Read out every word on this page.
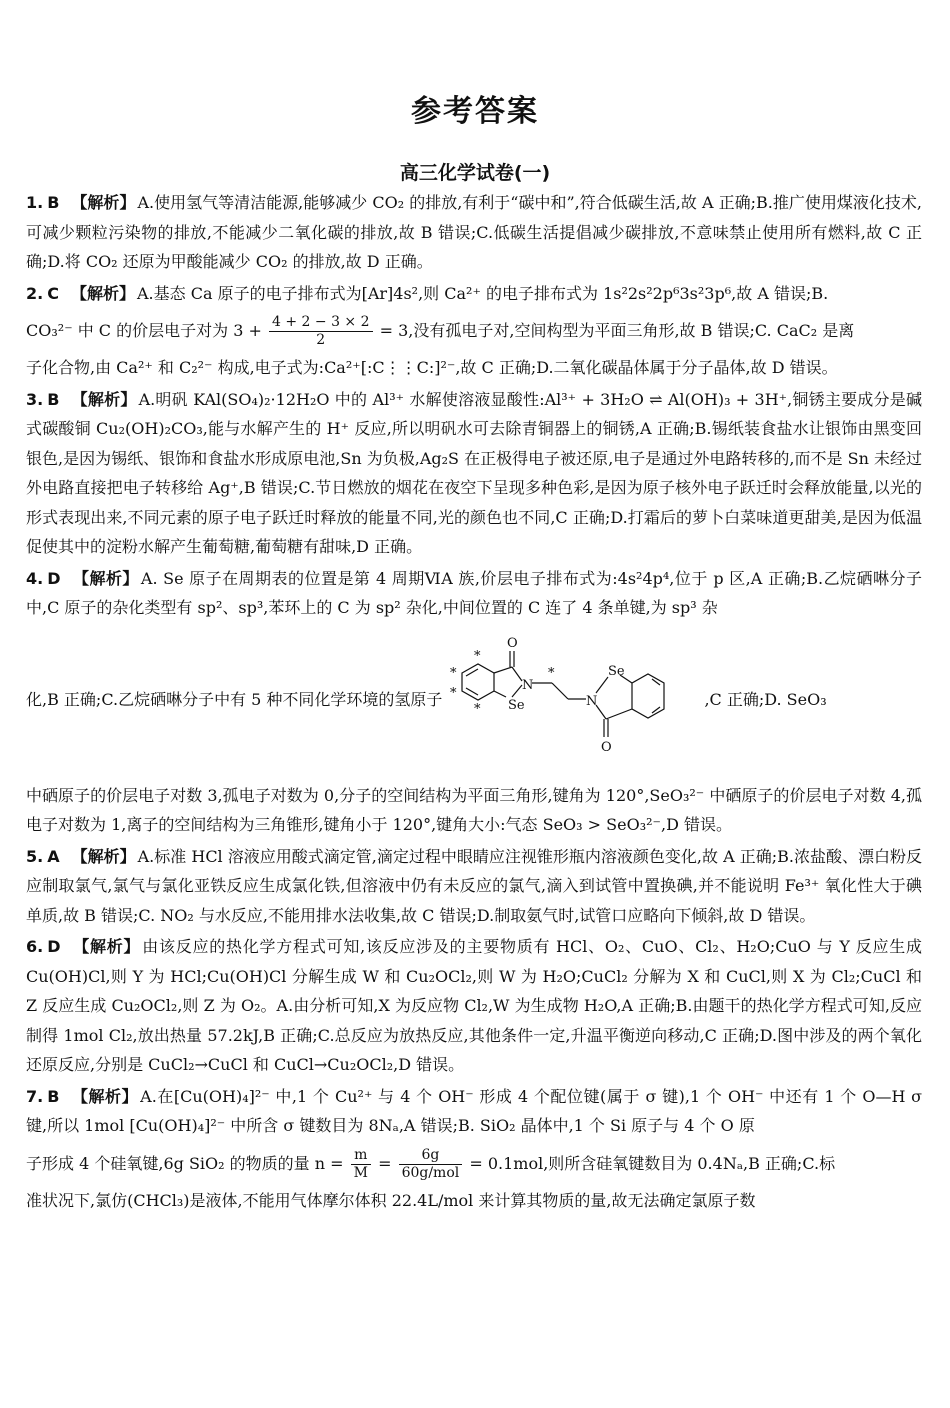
参考答案
高三化学试卷(一)
1. B 【解析】 A.使用氢气等清洁能源,能够减少 CO₂ 的排放,有利于“碳中和”,符合低碳生活,故 A 正确;B.推广使用煤液化技术,可减少颗粒污染物的排放,不能减少二氧化碳的排放,故 B 错误;C.低碳生活提倡减少碳排放,不意味禁止使用所有燃料,故 C 正确;D.将 CO₂ 还原为甲酸能减少 CO₂ 的排放,故 D 正确。
2. C 【解析】 A.基态 Ca 原子的电子排布式为[Ar]4s²,则 Ca²⁺ 的电子排布式为 1s²2s²2p⁶3s²3p⁶,故 A 错误;B.
CO₃²⁻ 中 C 的价层电子对为 $3 + \frac{4 + 2 - 3 \times 2}{2} = 3$,没有孤电子对,空间构型为平面三角形,故 B 错误;C. CaC₂ 是离
子化合物,由 Ca²⁺ 和 C₂²⁻ 构成,电子式为:Ca²⁺[:C⋮⋮C:]²⁻,故 C 正确;D.二氧化碳晶体属于分子晶体,故 D 错误。
3. B 【解析】 A.明矾 KAl(SO₄)₂·12H₂O 中的 Al³⁺ 水解使溶液显酸性:Al³⁺ + 3H₂O ⇌ Al(OH)₃ + 3H⁺,铜锈主要成分是碱式碳酸铜 Cu₂(OH)₂CO₃,能与水解产生的 H⁺ 反应,所以明矾水可去除青铜器上的铜锈,A 正确;B.锡纸装食盐水让银饰由黑变回银色,是因为锡纸、银饰和食盐水形成原电池,Sn 为负极,Ag₂S 在正极得电子被还原,电子是通过外电路转移的,而不是 Sn 未经过外电路直接把电子转移给 Ag⁺,B 错误;C.节日燃放的烟花在夜空下呈现多种色彩,是因为原子核外电子跃迁时会释放能量,以光的形式表现出来,不同元素的原子电子跃迁时释放的能量不同,光的颜色也不同,C 正确;D.打霜后的萝卜白菜味道更甜美,是因为低温促使其中的淀粉水解产生葡萄糖,葡萄糖有甜味,D 正确。
4. D 【解析】 A. Se 原子在周期表的位置是第 4 周期ⅥA 族,价层电子排布式为:4s²4p⁴,位于 p 区,A 正确;B.乙烷硒啉分子中,C 原子的杂化类型有 sp²、sp³,苯环上的 C 为 sp² 杂化,中间位置的 C 连了 4 条单键,为 sp³ 杂
化,B 正确;C.乙烷硒啉分子中有 5 种不同化学环境的氢原子
O
N
Se	N
Se
O
*
*
*
*
*
,C 正确;D. SeO₃
中硒原子的价层电子对数 3,孤电子对数为 0,分子的空间结构为平面三角形,键角为 120°,SeO₃²⁻ 中硒原子的价层电子对数 4,孤电子对数为 1,离子的空间结构为三角锥形,键角小于 120°,键角大小:气态 SeO₃ > SeO₃²⁻,D 错误。
5. A 【解析】 A.标准 HCl 溶液应用酸式滴定管,滴定过程中眼睛应注视锥形瓶内溶液颜色变化,故 A 正确;B.浓盐酸、漂白粉反应制取氯气,氯气与氯化亚铁反应生成氯化铁,但溶液中仍有未反应的氯气,滴入到试管中置换碘,并不能说明 Fe³⁺ 氧化性大于碘单质,故 B 错误;C. NO₂ 与水反应,不能用排水法收集,故 C 错误;D.制取氨气时,试管口应略向下倾斜,故 D 错误。
6. D 【解析】 由该反应的热化学方程式可知,该反应涉及的主要物质有 HCl、O₂、CuO、Cl₂、H₂O;CuO 与 Y 反应生成 Cu(OH)Cl,则 Y 为 HCl;Cu(OH)Cl 分解生成 W 和 Cu₂OCl₂,则 W 为 H₂O;CuCl₂ 分解为 X 和 CuCl,则 X 为 Cl₂;CuCl 和 Z 反应生成 Cu₂OCl₂,则 Z 为 O₂。A.由分析可知,X 为反应物 Cl₂,W 为生成物 H₂O,A 正确;B.由题干的热化学方程式可知,反应制得 1mol Cl₂,放出热量 57.2kJ,B 正确;C.总反应为放热反应,其他条件一定,升温平衡逆向移动,C 正确;D.图中涉及的两个氧化还原反应,分别是 CuCl₂→CuCl 和 CuCl→Cu₂OCl₂,D 错误。
7. B 【解析】 A.在[Cu(OH)₄]²⁻ 中,1 个 Cu²⁺ 与 4 个 OH⁻ 形成 4 个配位键(属于 σ 键),1 个 OH⁻ 中还有 1 个 O—H σ 键,所以 1mol [Cu(OH)₄]²⁻ 中所含 σ 键数目为 8Nₐ,A 错误;B. SiO₂ 晶体中,1 个 Si 原子与 4 个 O 原
子形成 4 个硅氧键,6g SiO₂ 的物质的量 $n = \frac{m}{M} = \frac{6g}{\text{60g/mol}} = 0.1mol$,则所含硅氧键数目为 0.4Nₐ,B 正确;C.标
准状况下,氯仿(CHCl₃)是液体,不能用气体摩尔体积 22.4L/mol 来计算其物质的量,故无法确定氯原子数
